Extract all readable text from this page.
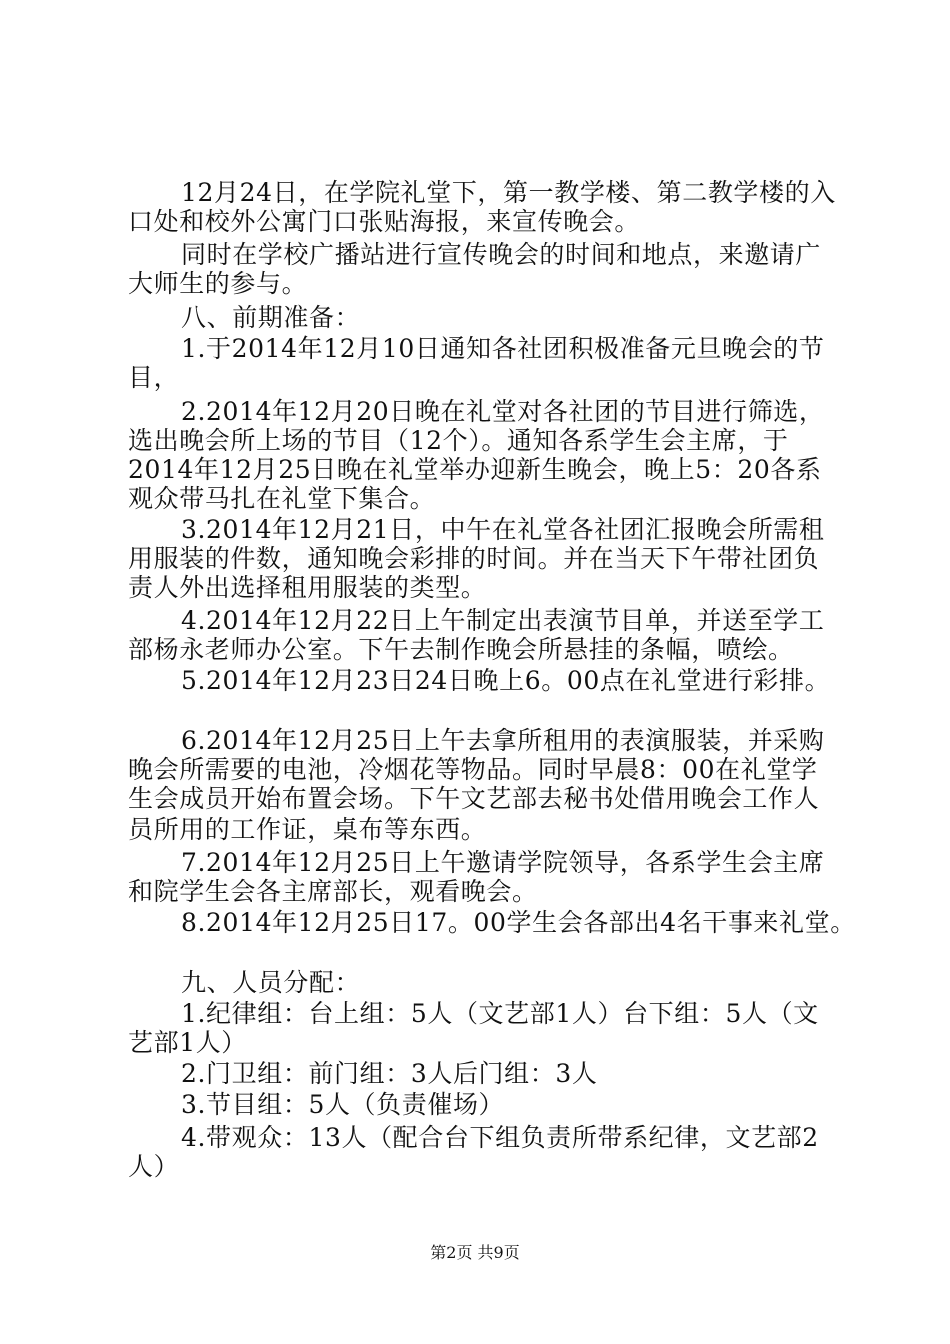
12月24日，在学院礼堂下，第一教学楼、第二教学楼的入
口处和校外公寓门口张贴海报，来宣传晚会。
同时在学校广播站进行宣传晚会的时间和地点，来邀请广
大师生的参与。
八、前期准备：
1.于2014年12月10日通知各社团积极准备元旦晚会的节
目，
2.2014年12月20日晚在礼堂对各社团的节目进行筛选，
选出晚会所上场的节目（12个）。通知各系学生会主席，于
2014年12月25日晚在礼堂举办迎新生晚会，晚上5：20各系
观众带马扎在礼堂下集合。
3.2014年12月21日，中午在礼堂各社团汇报晚会所需租
用服装的件数，通知晚会彩排的时间。并在当天下午带社团负
责人外出选择租用服装的类型。
4.2014年12月22日上午制定出表演节目单，并送至学工
部杨永老师办公室。下午去制作晚会所悬挂的条幅，喷绘。
5.2014年12月23日24日晚上6。00点在礼堂进行彩排。
6.2014年12月25日上午去拿所租用的表演服装，并采购
晚会所需要的电池，冷烟花等物品。同时早晨8：00在礼堂学
生会成员开始布置会场。下午文艺部去秘书处借用晚会工作人
员所用的工作证，桌布等东西。
7.2014年12月25日上午邀请学院领导，各系学生会主席
和院学生会各主席部长，观看晚会。
8.2014年12月25日17。00学生会各部出4名干事来礼堂。
九、人员分配：
1.纪律组：台上组：5人（文艺部1人）台下组：5人（文
艺部1人）
2.门卫组：前门组：3人后门组：3人
3.节目组：5人（负责催场）
4.带观众：13人（配合台下组负责所带系纪律，文艺部2
人）
第2页 共9页
